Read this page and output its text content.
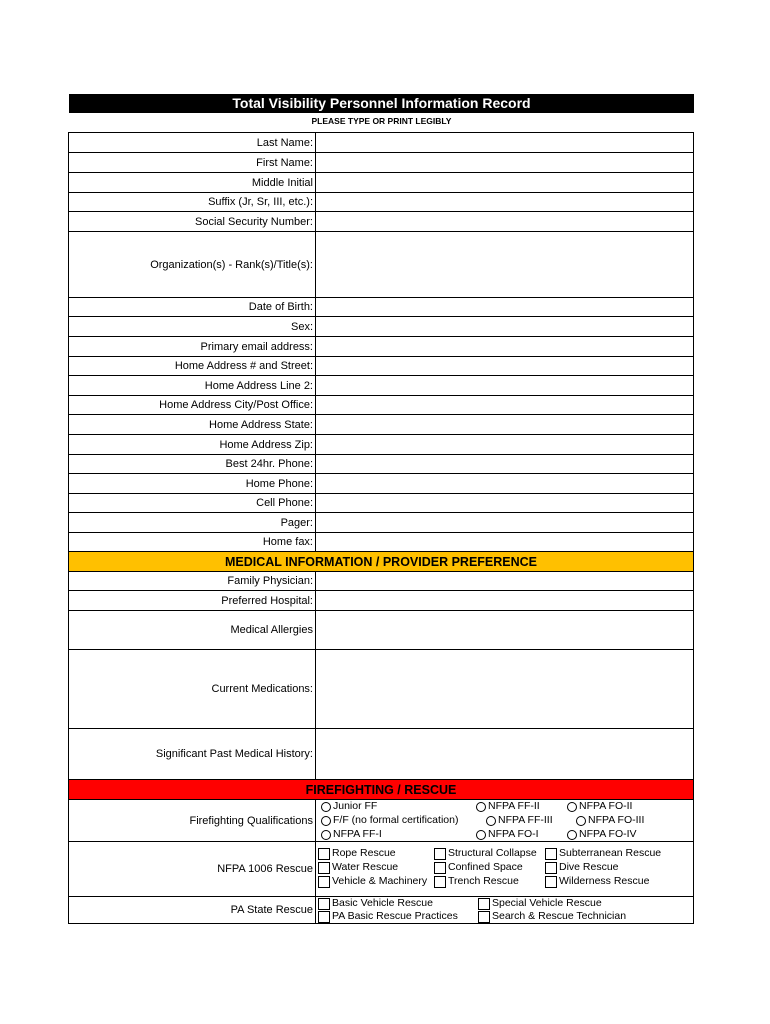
Total Visibility Personnel Information Record
PLEASE TYPE OR PRINT LEGIBLY
Last Name:
First Name:
Middle Initial
Suffix (Jr, Sr, III, etc.):
Social Security Number:
Organization(s) - Rank(s)/Title(s):
Date of Birth:
Sex:
Primary email address:
Home Address # and Street:
Home Address Line 2:
Home Address City/Post Office:
Home Address State:
Home Address Zip:
Best 24hr. Phone:
Home Phone:
Cell Phone:
Pager:
Home fax:
MEDICAL INFORMATION / PROVIDER PREFERENCE
Family Physician:
Preferred Hospital:
Medical Allergies
Current Medications:
Significant Past Medical History:
FIREFIGHTING / RESCUE
Firefighting Qualifications
Junior FF
F/F (no formal certification)
NFPA FF-I
NFPA FF-II
NFPA FF-III
NFPA FO-I
NFPA FO-II
NFPA FO-III
NFPA FO-IV
NFPA 1006 Rescue
Rope Rescue
Water Rescue
Vehicle & Machinery
Structural Collapse
Confined Space
Trench Rescue
Subterranean Rescue
Dive Rescue
Wilderness Rescue
PA State Rescue
Basic Vehicle Rescue
PA Basic Rescue Practices
Special Vehicle Rescue
Search & Rescue Technician
